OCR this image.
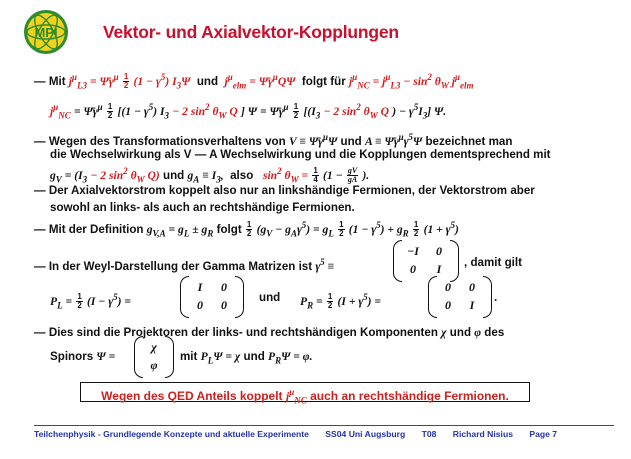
MPI	Vektor- und Axialvektor-Kopplungen
— Mit $j^\mu_{L3}$ = $\Psī\gamma^\mu \frac{1}{2} (1 - \gamma^5)$ $I_3\Psi$ und $j^\mu_{elm}$ = $\Psī\gamma^\mu Q\Psi$ folgt für $j^\mu_{NC} = j^\mu_{L3} - \sin^2 \theta_W$ $j^\mu_{elm}$
$j^\mu_{NC}$ = $\Psī\gamma^\mu \frac{1}{2} [(1 - \gamma^5) I_3 - 2$ $\sin^2 \theta_W$ Q ] $\Psi = \Psī\gamma^\mu \frac{1}{2} [(I_3 - 2$ $\sin^2 \theta_W$ Q ) − $\gamma^5I_3$] Ψ.
— Wegen des Transformationsverhaltens von $V \equiv \Psī\gamma^\mu\Psi$ und $A \equiv \Psī\gamma^\mu\gamma^5\Psi$ bezeichnet man
die Wechselwirkung als V — A Wechselwirkung und die Kopplungen dementsprechend mit
$g_V = (I_3 - 2$ $\sin^2 \theta_W$ Q) und $g_A \equiv I_3$, also $\sin^2 \theta_W = \frac{1}{4} (1 - \frac{gV}{gA}$ ).
— Der Axialvektorstrom koppelt also nur an linkshändige Fermionen, der Vektorstrom aber
sowohl an links- als auch an rechtshändige Fermionen.
— Mit der Definition $g_{V,A} = g_L \pm g_R$ folgt $\frac{1}{2} (g_V - g_A\gamma^5) = g_L \frac{1}{2} (1 - \gamma^5) + g_R \frac{1}{2} (1 + \gamma^5)$
— In der Weyl-Darstellung der Gamma Matrizen ist $\gamma^5$ ≡
−I	0
0	I	, damit gilt
$P_L = \frac{1}{2} (I - \gamma^5)$ =
I	0
0	0
und $P_R = \frac{1}{2} (I + \gamma^5)$ =
0	0
0	I
.
— Dies sind die Projektoren der links- und rechtshändigen Komponenten χ und φ des
Spinors Ψ =
χ
φ
mit $P_L\Psi = \chi$ und $P_R\Psi = \varphi$.
Wegen des QED Anteils koppelt $j^\mu_{NC}$ auch an rechtshändige Fermionen.
Teilchenphysik - Grundlegende Konzepte und aktuelle Experimente SS04 Uni Augsburg T08 Richard Nisius Page 7
